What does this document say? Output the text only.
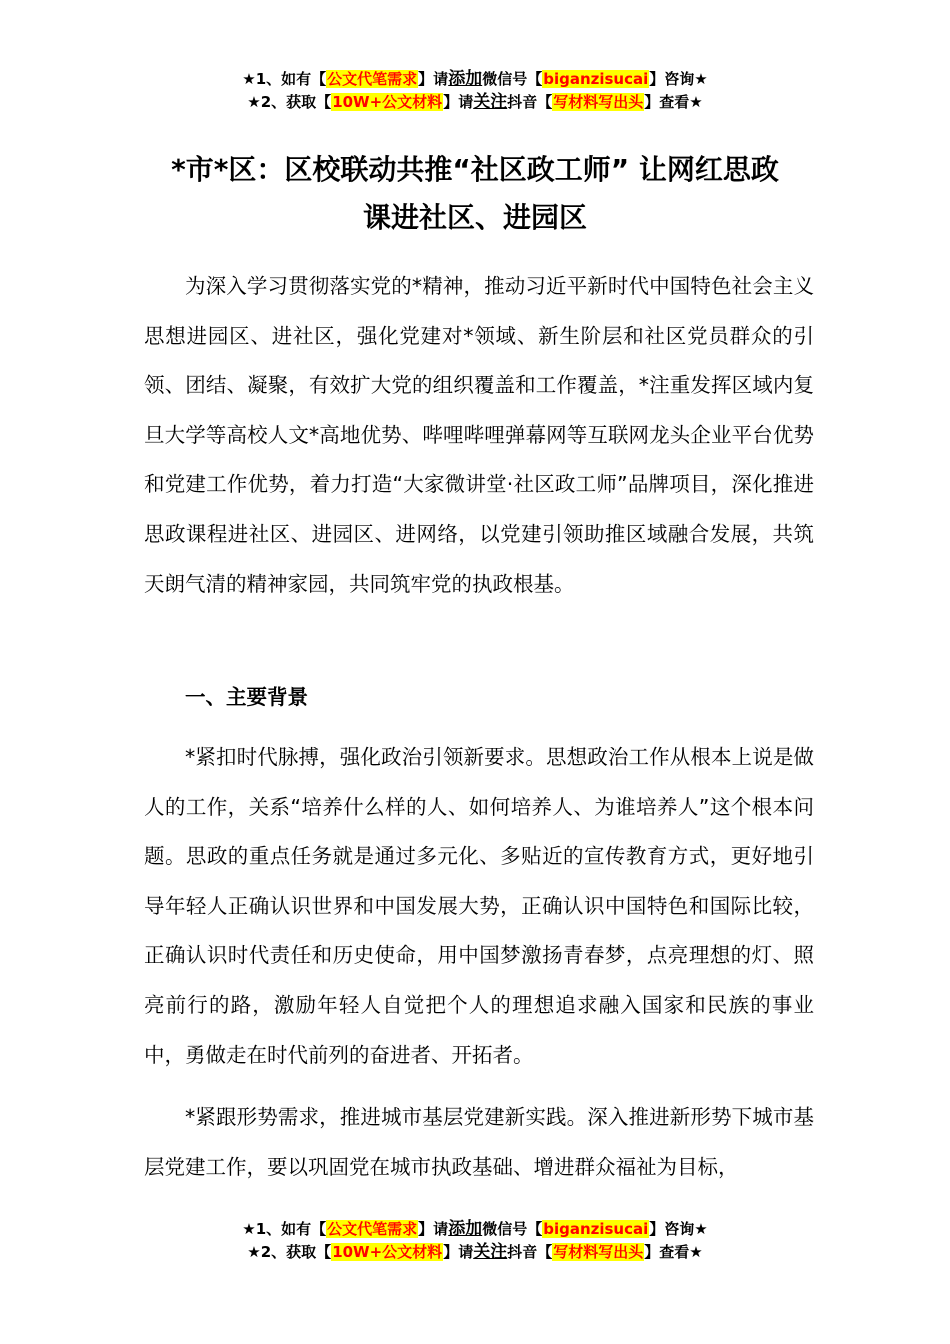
★1、如有【公文代笔需求】请添加微信号【biganzisucai】咨询★
★2、获取【10W+公文材料】请关注抖音【写材料写出头】查看★
*市*区：区校联动共推“社区政工师” 让网红思政
课进社区、进园区

为深入学习贯彻落实党的*精神，推动习近平新时代中国特色社会主义思想进园区、进社区，强化党建对*领域、新生阶层和社区党员群众的引领、团结、凝聚，有效扩大党的组织覆盖和工作覆盖，*注重发挥区域内复旦大学等高校人文*高地优势、哔哩哔哩弹幕网等互联网龙头企业平台优势和党建工作优势，着力打造“大家微讲堂·社区政工师”品牌项目，深化推进思政课程进社区、进园区、进网络，以党建引领助推区域融合发展，共筑天朗气清的精神家园，共同筑牢党的执政根基。

一、主要背景

*紧扣时代脉搏，强化政治引领新要求。思想政治工作从根本上说是做人的工作，关系“培养什么样的人、如何培养人、为谁培养人”这个根本问题。思政的重点任务就是通过多元化、多贴近的宣传教育方式，更好地引导年轻人正确认识世界和中国发展大势，正确认识中国特色和国际比较，正确认识时代责任和历史使命，用中国梦激扬青春梦，点亮理想的灯、照亮前行的路，激励年轻人自觉把个人的理想追求融入国家和民族的事业中，勇做走在时代前列的奋进者、开拓者。

*紧跟形势需求，推进城市基层党建新实践。深入推进新形势下城市基层党建工作，要以巩固党在城市执政基础、增进群众福祉为目标，

★1、如有【公文代笔需求】请添加微信号【biganzisucai】咨询★
★2、获取【10W+公文材料】请关注抖音【写材料写出头】查看★
